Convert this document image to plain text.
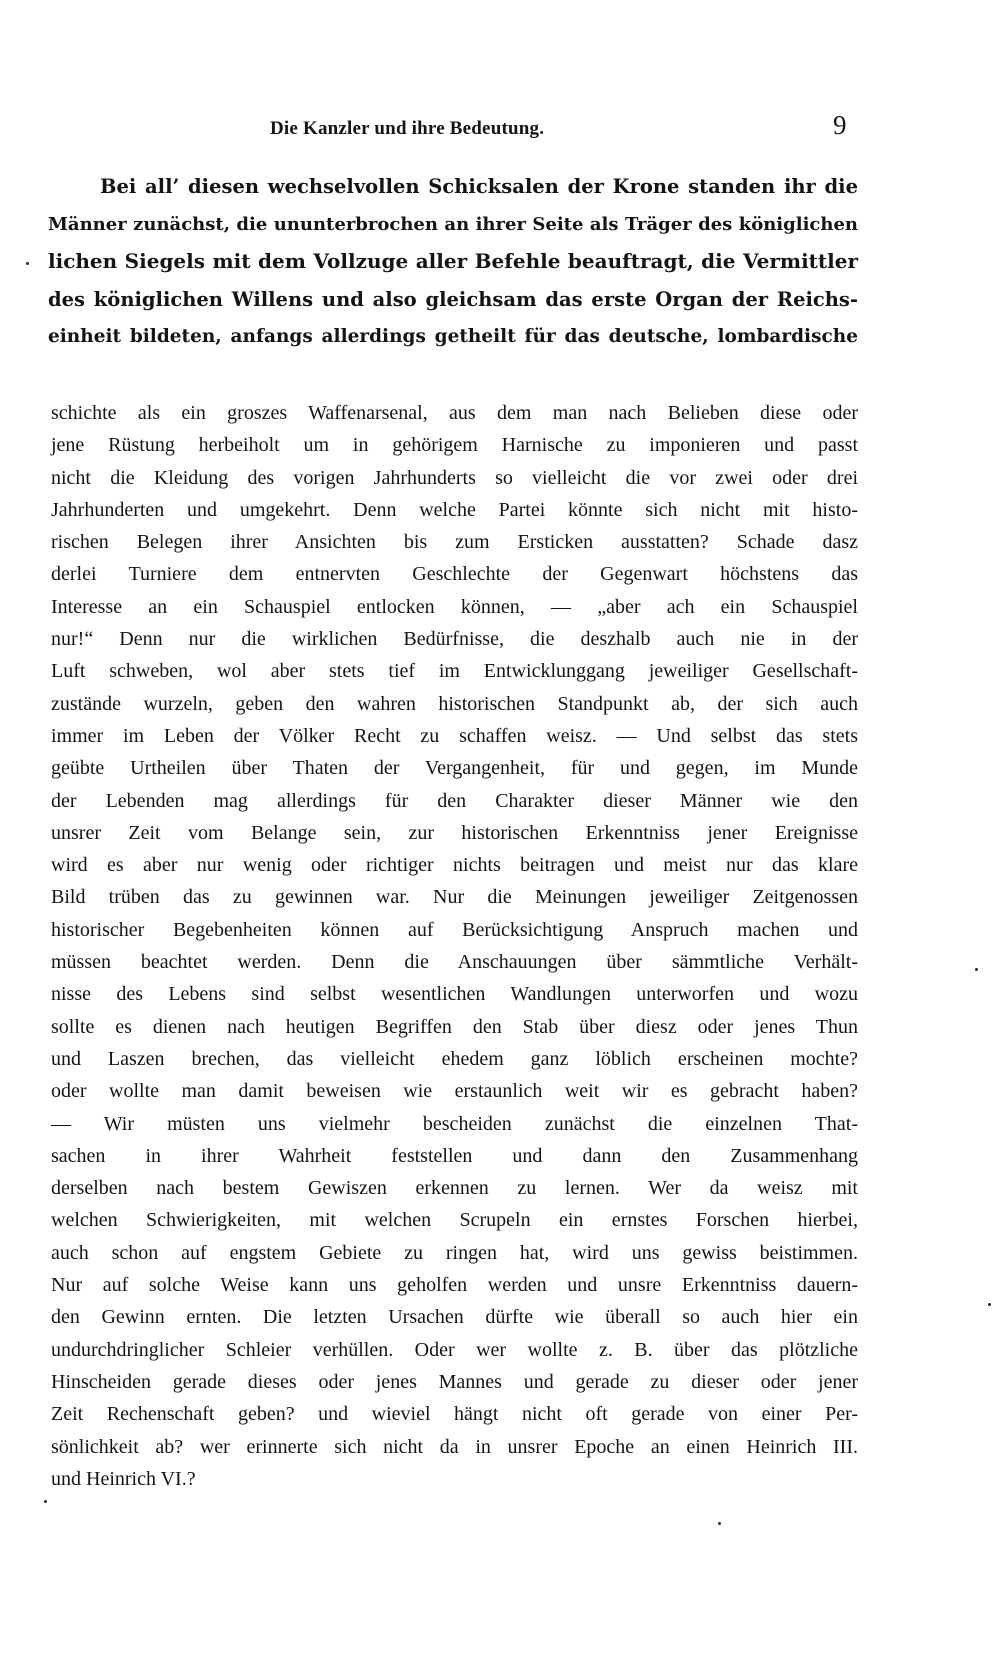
Die Kanzler und ihre Bedeutung.	9
Bei all’ diesen wechselvollen Schicksalen der Krone standen ihr die
Männer zunächst, die ununterbrochen an ihrer Seite als Träger des königlichen
lichen Siegels mit dem Vollzuge aller Befehle beauftragt, die Vermittler
des königlichen Willens und also gleichsam das erste Organ der Reichs-
einheit bildeten, anfangs allerdings getheilt für das deutsche, lombardische
schichte als ein groszes Waffenarsenal, aus dem man nach Belieben diese oder
jene Rüstung herbeiholt um in gehörigem Harnische zu imponieren und passt
nicht die Kleidung des vorigen Jahrhunderts so vielleicht die vor zwei oder drei
Jahrhunderten und umgekehrt. Denn welche Partei könnte sich nicht mit histo-
rischen Belegen ihrer Ansichten bis zum Ersticken ausstatten? Schade dasz
derlei Turniere dem entnervten Geschlechte der Gegenwart höchstens das
Interesse an ein Schauspiel entlocken können, — „aber ach ein Schauspiel
nur!“ Denn nur die wirklichen Bedürfnisse, die deszhalb auch nie in der
Luft schweben, wol aber stets tief im Entwicklunggang jeweiliger Gesellschaft-
zustände wurzeln, geben den wahren historischen Standpunkt ab, der sich auch
immer im Leben der Völker Recht zu schaffen weisz. — Und selbst das stets
geübte Urtheilen über Thaten der Vergangenheit, für und gegen, im Munde
der Lebenden mag allerdings für den Charakter dieser Männer wie den
unsrer Zeit vom Belange sein, zur historischen Erkenntniss jener Ereignisse
wird es aber nur wenig oder richtiger nichts beitragen und meist nur das klare
Bild trüben das zu gewinnen war. Nur die Meinungen jeweiliger Zeitgenossen
historischer Begebenheiten können auf Berücksichtigung Anspruch machen und
müssen beachtet werden. Denn die Anschauungen über sämmtliche Verhält-
nisse des Lebens sind selbst wesentlichen Wandlungen unterworfen und wozu
sollte es dienen nach heutigen Begriffen den Stab über diesz oder jenes Thun
und Laszen brechen, das vielleicht ehedem ganz löblich erscheinen mochte?
oder wollte man damit beweisen wie erstaunlich weit wir es gebracht haben?
— Wir müsten uns vielmehr bescheiden zunächst die einzelnen That-
sachen in ihrer Wahrheit feststellen und dann den Zusammenhang
derselben nach bestem Gewiszen erkennen zu lernen. Wer da weisz mit
welchen Schwierigkeiten, mit welchen Scrupeln ein ernstes Forschen hierbei,
auch schon auf engstem Gebiete zu ringen hat, wird uns gewiss beistimmen.
Nur auf solche Weise kann uns geholfen werden und unsre Erkenntniss dauern-
den Gewinn ernten. Die letzten Ursachen dürfte wie überall so auch hier ein
undurchdringlicher Schleier verhüllen. Oder wer wollte z. B. über das plötzliche
Hinscheiden gerade dieses oder jenes Mannes und gerade zu dieser oder jener
Zeit Rechenschaft geben? und wieviel hängt nicht oft gerade von einer Per-
sönlichkeit ab? wer erinnerte sich nicht da in unsrer Epoche an einen Heinrich III.
und Heinrich VI.?
